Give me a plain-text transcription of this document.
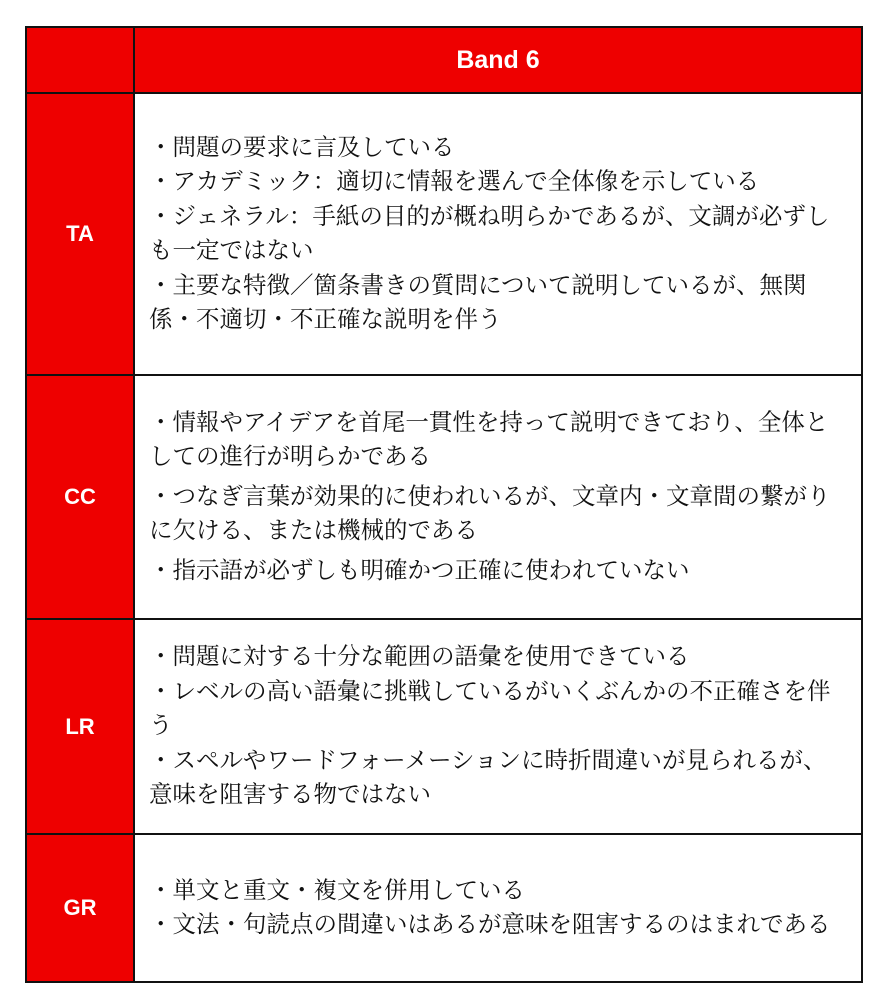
	Band 6
TA	・問題の要求に言及している

・アカデミック：適切に情報を選んで全体像を示している

・ジェネラル：手紙の目的が概ね明らかであるが、文調が必ずしも一定ではない

・主要な特徴／箇条書きの質問について説明しているが、無関係・不適切・不正確な説明を伴う

CC	・情報やアイデアを首尾一貫性を持って説明できており、全体としての進行が明らかである

・つなぎ言葉が効果的に使われいるが、文章内・文章間の繋がりに欠ける、または機械的である

・指示語が必ずしも明確かつ正確に使われていない

LR	・問題に対する十分な範囲の語彙を使用できている

・レベルの高い語彙に挑戦しているがいくぶんかの不正確さを伴う

・スペルやワードフォーメーションに時折間違いが見られるが、意味を阻害する物ではない

GR	・単文と重文・複文を併用している

・文法・句読点の間違いはあるが意味を阻害するのはまれである
